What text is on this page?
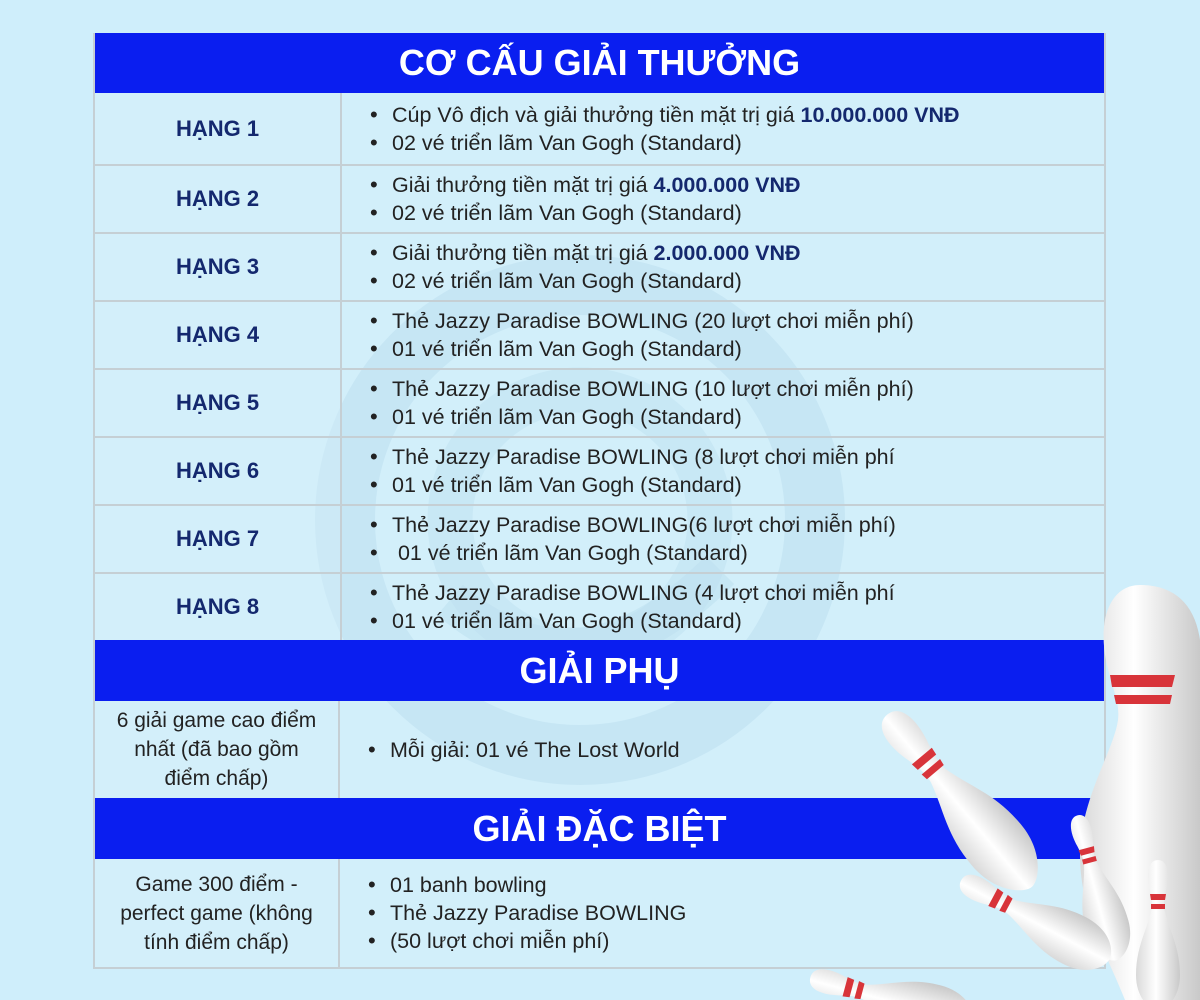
CƠ CẤU GIẢI THƯỞNG
HẠNG 1
• Cúp Vô địch và giải thưởng tiền mặt trị giá 10.000.000 VNĐ
• 02 vé triển lãm Van Gogh (Standard)
HẠNG 2
• Giải thưởng tiền mặt trị giá 4.000.000 VNĐ
• 02 vé triển lãm Van Gogh (Standard)
HẠNG 3
• Giải thưởng tiền mặt trị giá 2.000.000 VNĐ
• 02 vé triển lãm Van Gogh (Standard)
HẠNG 4
• Thẻ Jazzy Paradise BOWLING (20 lượt chơi miễn phí)
• 01 vé triển lãm Van Gogh (Standard)
HẠNG 5
• Thẻ Jazzy Paradise BOWLING (10 lượt chơi miễn phí)
• 01 vé triển lãm Van Gogh (Standard)
HẠNG 6
• Thẻ Jazzy Paradise BOWLING (8 lượt chơi miễn phí
• 01 vé triển lãm Van Gogh (Standard)
HẠNG 7
• Thẻ Jazzy Paradise BOWLING(6 lượt chơi miễn phí)
•  01 vé triển lãm Van Gogh (Standard)
HẠNG 8
• Thẻ Jazzy Paradise BOWLING (4 lượt chơi miễn phí
• 01 vé triển lãm Van Gogh (Standard)
GIẢI PHỤ
6 giải game cao điểm nhất (đã bao gồm điểm chấp)
• Mỗi giải: 01 vé The Lost World
GIẢI ĐẶC BIỆT
Game 300 điểm - perfect game (không tính điểm chấp)
• 01 banh bowling
• Thẻ Jazzy Paradise BOWLING
• (50 lượt chơi miễn phí)
